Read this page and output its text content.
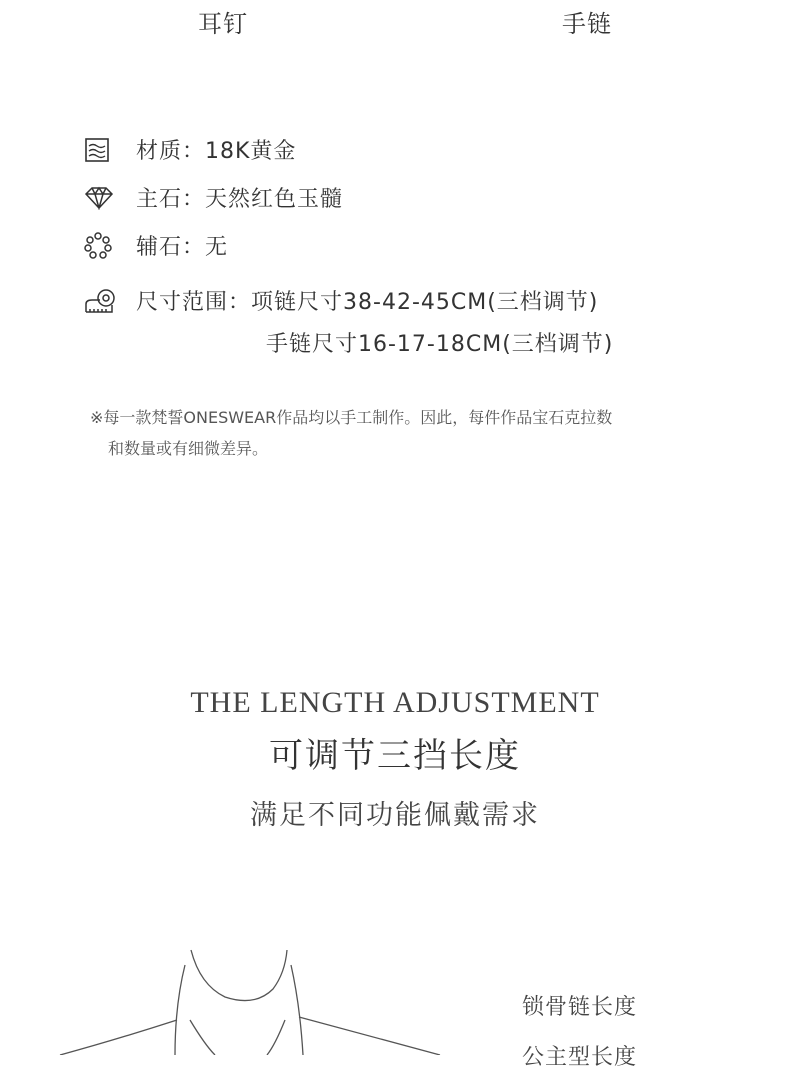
耳钉	手链
材质： 18K黄金
主石： 天然红色玉髓
辅石： 无
尺寸范围： 项链尺寸38-42-45CM(三档调节)
手链尺寸16-17-18CM(三档调节)
※每一款梵誓ONESWEAR作品均以手工制作。因此，每件作品宝石克拉数
和数量或有细微差异。
THE LENGTH ADJUSTMENT
可调节三挡长度
满足不同功能佩戴需求
锁骨链长度
公主型长度
